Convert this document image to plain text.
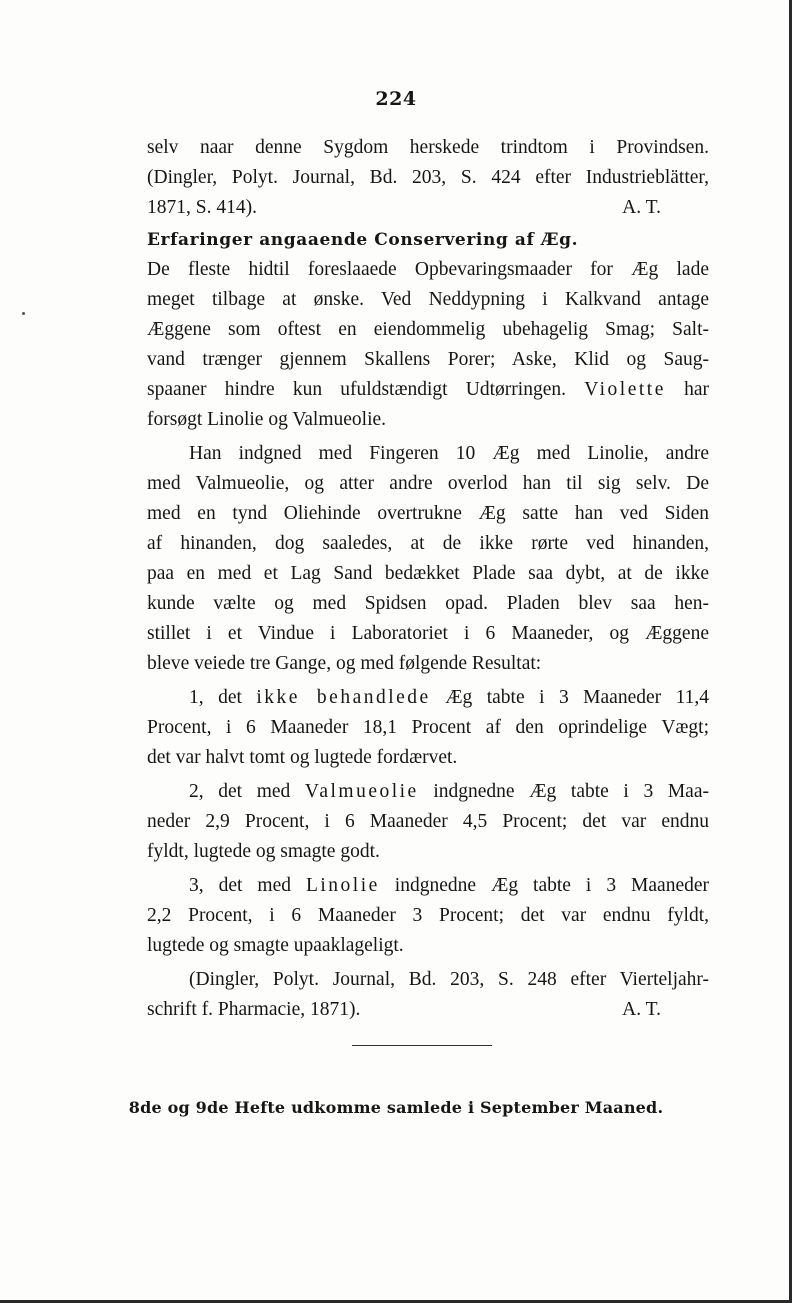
224

selv naar denne Sygdom herskede trindtom i Provindsen.
(Dingler, Polyt. Journal, Bd. 203, S. 424 efter Industrieblätter,
1871, S. 414).	A. T.

Erfaringer angaaende Conservering af Æg.

De fleste hidtil foreslaaede Opbevaringsmaader for Æg lade
meget tilbage at ønske. Ved Neddypning i Kalkvand antage
Æggene som oftest en eiendommelig ubehagelig Smag; Salt-
vand trænger gjennem Skallens Porer; Aske, Klid og Saug-
spaaner hindre kun ufuldstændigt Udtørringen. Violette har
forsøgt Linolie og Valmueolie.

Han indgned med Fingeren 10 Æg med Linolie, andre

med Valmueolie, og atter andre overlod han til sig selv. De
med en tynd Oliehinde overtrukne Æg satte han ved Siden
af hinanden, dog saaledes, at de ikke rørte ved hinanden,
paa en med et Lag Sand bedækket Plade saa dybt, at de ikke
kunde vælte og med Spidsen opad. Pladen blev saa hen-
stillet i et Vindue i Laboratoriet i 6 Maaneder, og Æggene
bleve veiede tre Gange, og med følgende Resultat:

1, det ikke behandlede Æg tabte i 3 Maaneder 11,4
Procent, i 6 Maaneder 18,1 Procent af den oprindelige Vægt;
det var halvt tomt og lugtede fordærvet.

2, det med Valmueolie indgnedne Æg tabte i 3 Maa-
neder 2,9 Procent, i 6 Maaneder 4,5 Procent; det var endnu
fyldt, lugtede og smagte godt.

3, det med Linolie indgnedne Æg tabte i 3 Maaneder
2,2 Procent, i 6 Maaneder 3 Procent; det var endnu fyldt,
lugtede og smagte upaaklageligt.

(Dingler, Polyt. Journal, Bd. 203, S. 248 efter Vierteljahr-
schrift f. Pharmacie, 1871).	A. T.

8de og 9de Hefte udkomme samlede i September Maaned.
